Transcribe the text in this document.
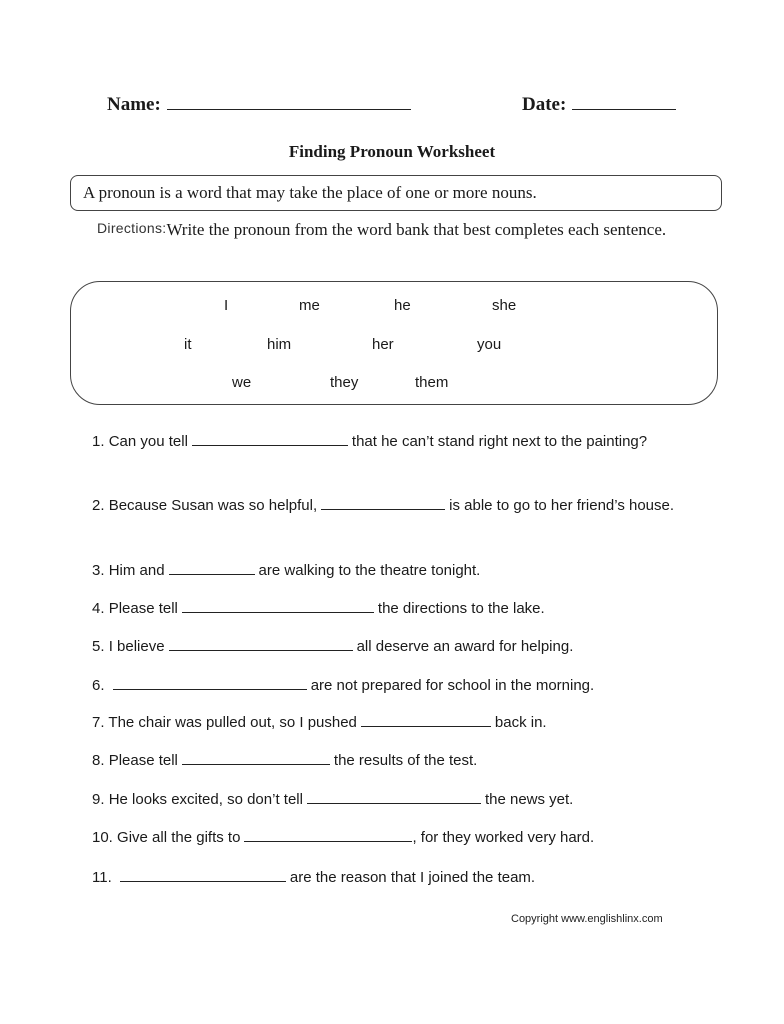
Name:	Date:
Finding Pronoun Worksheet
A pronoun is a word that may take the place of one or more nouns.
Directions:Write the pronoun from the word bank that best completes each sentence.
I	me	he	she
it	him	her	you
we	they	them
1. Can you tell	that he can’t stand right next to the painting?
2. Because Susan was so helpful,	is able to go to her friend’s house.
3. Him and	are walking to the theatre tonight.
4. Please tell	the directions to the lake.
5. I believe	all deserve an award for helping.
6.	are not prepared for school in the morning.
7. The chair was pulled out, so I pushed	back in.
8. Please tell	the results of the test.
9. He looks excited, so don’t tell	the news yet.
10. Give all the gifts to	, for they worked very hard.
11.	are the reason that I joined the team.
Copyright www.englishlinx.com
